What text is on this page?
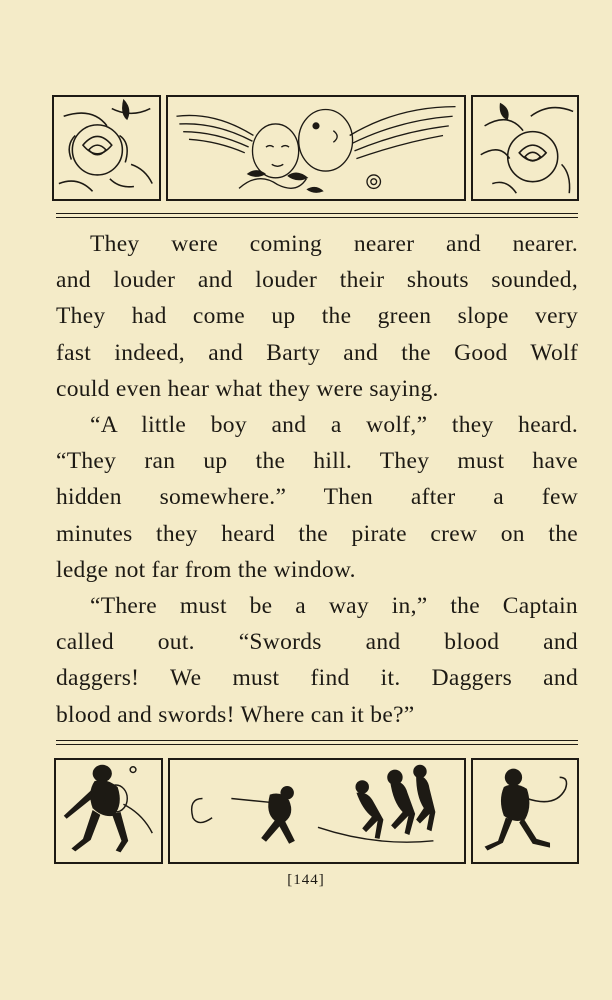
They were coming nearer and nearer.

and louder and louder their shouts sounded,

They had come up the green slope very

fast indeed, and Barty and the Good Wolf

could even hear what they were saying.

“A little boy and a wolf,” they heard.

“They ran up the hill. They must have

hidden somewhere.” Then after a few

minutes they heard the pirate crew on the

ledge not far from the window.

“There must be a way in,” the Captain

called out. “Swords and blood and

daggers! We must find it. Daggers and

blood and swords! Where can it be?”

[144]
